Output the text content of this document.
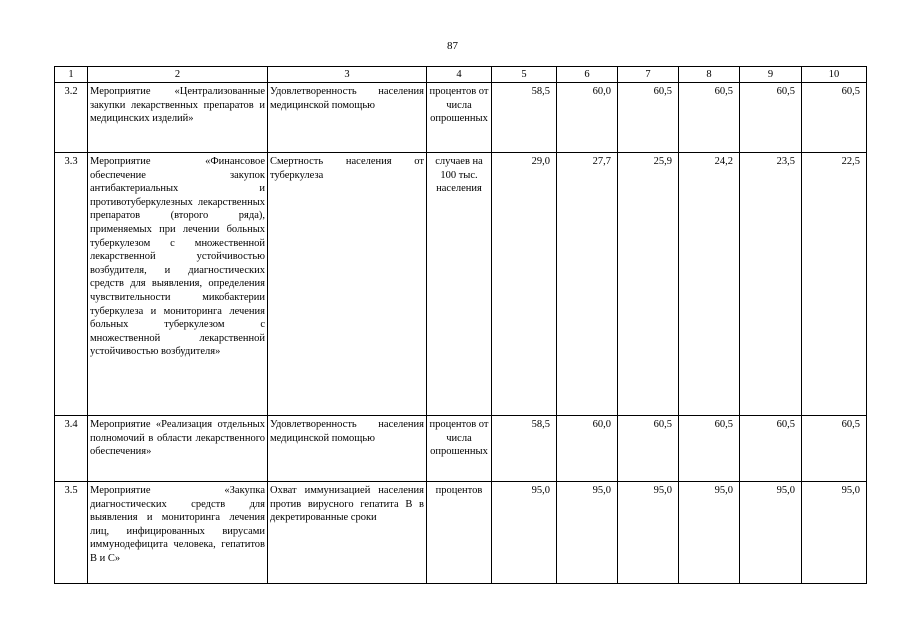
87
1	2	3	4	5	6	7	8	9	10
3.2	Мероприятие «Централизованные закупки лекарственных препаратов и медицинских изделий»	Удовлетворенность населения медицинской помощью	процентов от числа опрошенных	58,5	60,0	60,5	60,5	60,5	60,5
3.3	Мероприятие «Финансовое обеспечение закупок антибактериальных и противотуберкулезных лекарственных препаратов (второго ряда), применяемых при лечении больных туберкулезом с множественной лекарственной устойчивостью возбудителя, и диагностических средств для выявления, определения чувствительности микобактерии туберкулеза и мониторинга лечения больных туберкулезом с множественной лекарственной устойчивостью возбудителя»	Смертность населения от туберкулеза	случаев на 100 тыс. населения	29,0	27,7	25,9	24,2	23,5	22,5
3.4	Мероприятие «Реализация отдельных полномочий в области лекарственного обеспечения»	Удовлетворенность населения медицинской помощью	процентов от числа опрошенных	58,5	60,0	60,5	60,5	60,5	60,5
3.5	Мероприятие «Закупка диагностических средств для выявления и мониторинга лечения лиц, инфицированных вирусами иммунодефицита человека, гепатитов В и С»	Охват иммунизацией населения против вирусного гепатита В в декретированные сроки	процентов	95,0	95,0	95,0	95,0	95,0	95,0
